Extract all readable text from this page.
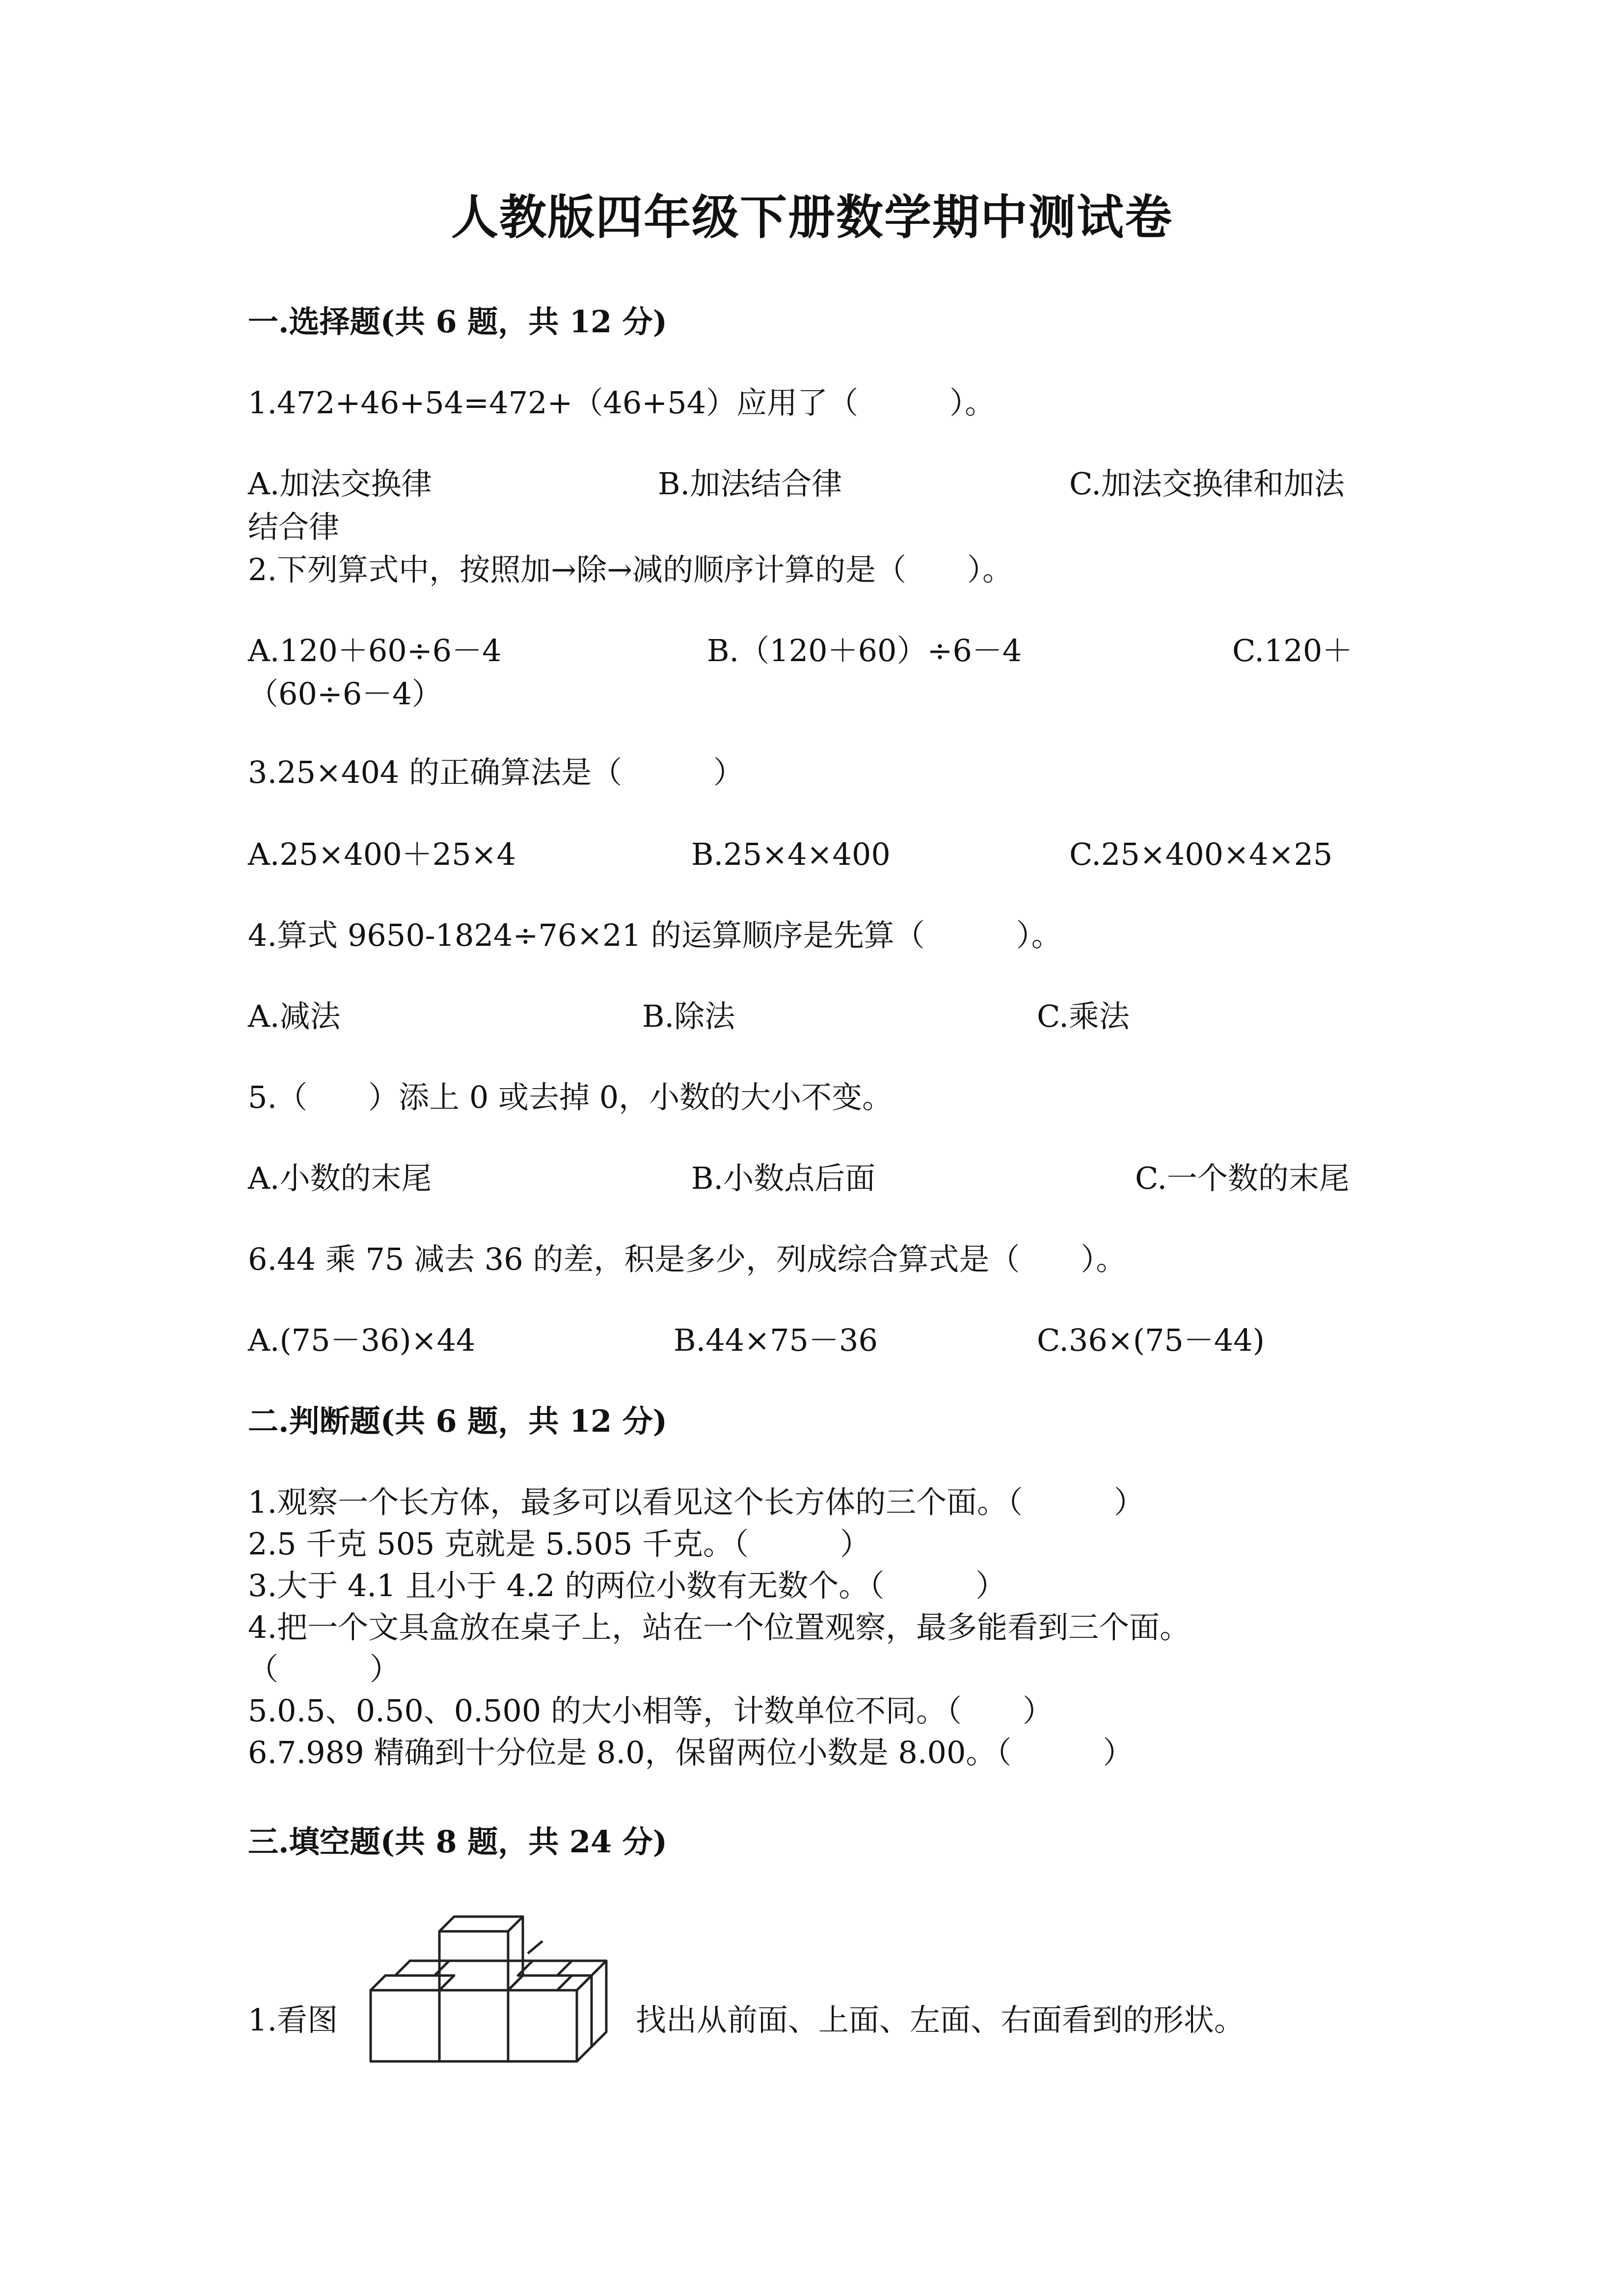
人教版四年级下册数学期中测试卷
一.选择题(共 6 题，共 12 分)
1.472+46+54=472+（46+54）应用了（　　　）。
A.加法交换律	B.加法结合律	C.加法交换律和加法
结合律
2.下列算式中，按照加→除→减的顺序计算的是（　　）。
A.120＋60÷6－4	B.（120＋60）÷6－4	C.120＋
（60÷6－4）
3.25×404 的正确算法是（　　　）
A.25×400＋25×4	B.25×4×400	C.25×400×4×25
4.算式 9650-1824÷76×21 的运算顺序是先算（　　　）。
A.减法	B.除法	C.乘法
5.（　　）添上 0 或去掉 0，小数的大小不变。
A.小数的末尾	B.小数点后面	C.一个数的末尾
6.44 乘 75 减去 36 的差，积是多少，列成综合算式是（　　）。
A.(75－36)×44	B.44×75－36	C.36×(75－44)
二.判断题(共 6 题，共 12 分)
1.观察一个长方体，最多可以看见这个长方体的三个面。（　　　）
2.5 千克 505 克就是 5.505 千克。（　　　）
3.大于 4.1 且小于 4.2 的两位小数有无数个。（　　　）
4.把一个文具盒放在桌子上，站在一个位置观察，最多能看到三个面。
（　　　）
5.0.5、0.50、0.500 的大小相等，计数单位不同。（　　）
6.7.989 精确到十分位是 8.0，保留两位小数是 8.00。（　　　）
三.填空题(共 8 题，共 24 分)
1.看图	找出从前面、上面、左面、右面看到的形状。
